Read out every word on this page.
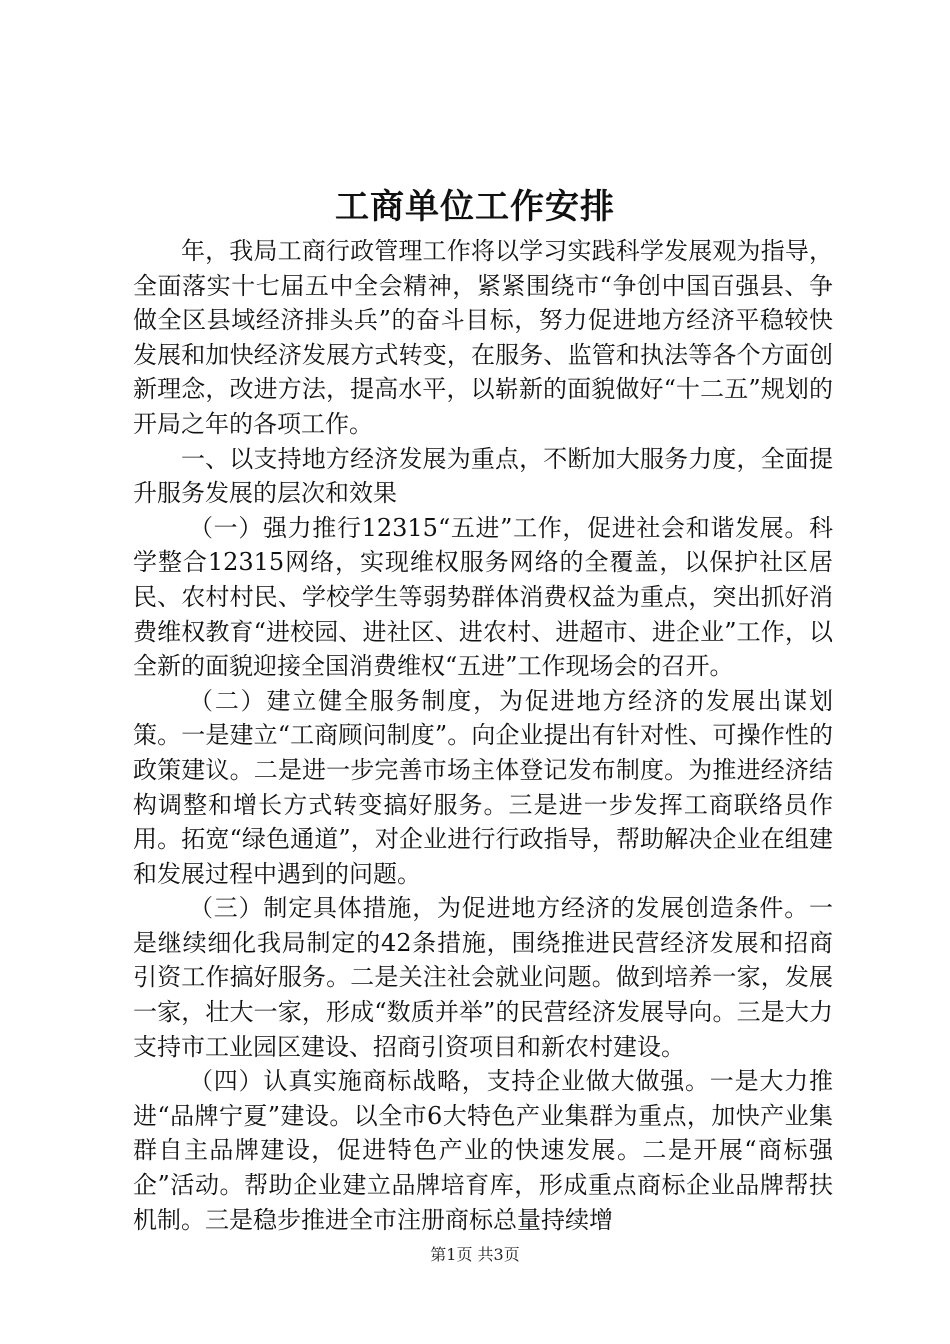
工商单位工作安排

年，我局工商行政管理工作将以学习实践科学发展观为指导，全面落实十七届五中全会精神，紧紧围绕市“争创中国百强县、争做全区县域经济排头兵”的奋斗目标，努力促进地方经济平稳较快发展和加快经济发展方式转变，在服务、监管和执法等各个方面创新理念，改进方法，提高水平，以崭新的面貌做好“十二五”规划的开局之年的各项工作。

一、以支持地方经济发展为重点，不断加大服务力度，全面提升服务发展的层次和效果

（一）强力推行12315“五进”工作，促进社会和谐发展。科学整合12315网络，实现维权服务网络的全覆盖，以保护社区居民、农村村民、学校学生等弱势群体消费权益为重点，突出抓好消费维权教育“进校园、进社区、进农村、进超市、进企业”工作，以全新的面貌迎接全国消费维权“五进”工作现场会的召开。

（二）建立健全服务制度，为促进地方经济的发展出谋划策。一是建立“工商顾问制度”。向企业提出有针对性、可操作性的政策建议。二是进一步完善市场主体登记发布制度。为推进经济结构调整和增长方式转变搞好服务。三是进一步发挥工商联络员作用。拓宽“绿色通道”，对企业进行行政指导，帮助解决企业在组建和发展过程中遇到的问题。

（三）制定具体措施，为促进地方经济的发展创造条件。一是继续细化我局制定的42条措施，围绕推进民营经济发展和招商引资工作搞好服务。二是关注社会就业问题。做到培养一家，发展一家，壮大一家，形成“数质并举”的民营经济发展导向。三是大力支持市工业园区建设、招商引资项目和新农村建设。

（四）认真实施商标战略，支持企业做大做强。一是大力推进“品牌宁夏”建设。以全市6大特色产业集群为重点，加快产业集群自主品牌建设，促进特色产业的快速发展。二是开展“商标强企”活动。帮助企业建立品牌培育库，形成重点商标企业品牌帮扶机制。三是稳步推进全市注册商标总量持续增

第1页 共3页
